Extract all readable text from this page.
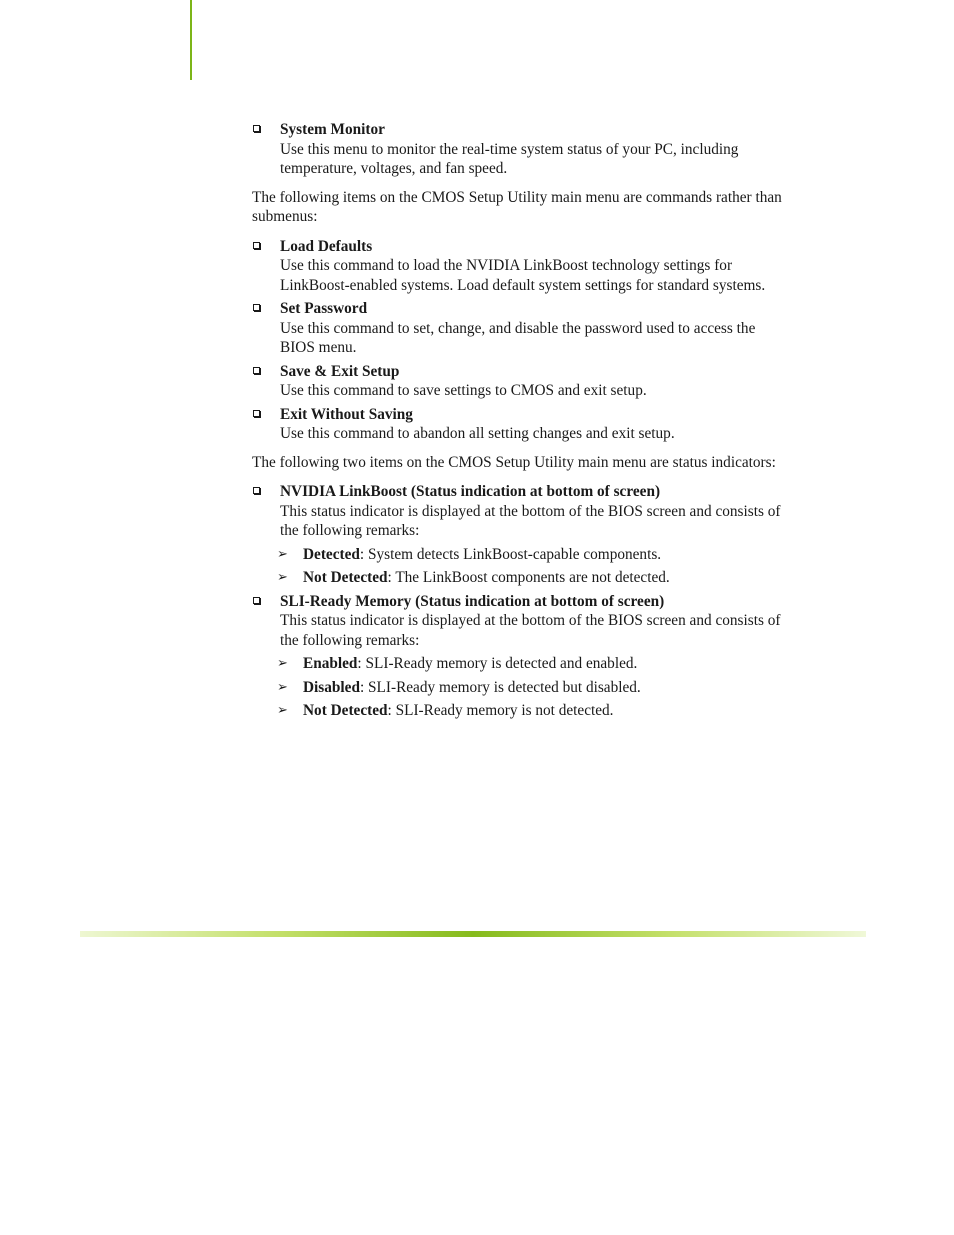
System Monitor
Use this menu to monitor the real-time system status of your PC, including temperature, voltages, and fan speed.

The following items on the CMOS Setup Utility main menu are commands rather than submenus:

Load Defaults
Use this command to load the NVIDIA LinkBoost technology settings for LinkBoost-enabled systems. Load default system settings for standard systems.
Set Password
Use this command to set, change, and disable the password used to access the BIOS menu.
Save & Exit Setup
Use this command to save settings to CMOS and exit setup.
Exit Without Saving
Use this command to abandon all setting changes and exit setup.

The following two items on the CMOS Setup Utility main menu are status indicators:

NVIDIA LinkBoost (Status indication at bottom of screen)
This status indicator is displayed at the bottom of the BIOS screen and consists of the following remarks:
➢ Detected: System detects LinkBoost-capable components.
➢ Not Detected: The LinkBoost components are not detected.
SLI-Ready Memory (Status indication at bottom of screen)
This status indicator is displayed at the bottom of the BIOS screen and consists of the following remarks:
➢ Enabled: SLI-Ready memory is detected and enabled.
➢ Disabled: SLI-Ready memory is detected but disabled.
➢ Not Detected: SLI-Ready memory is not detected.
